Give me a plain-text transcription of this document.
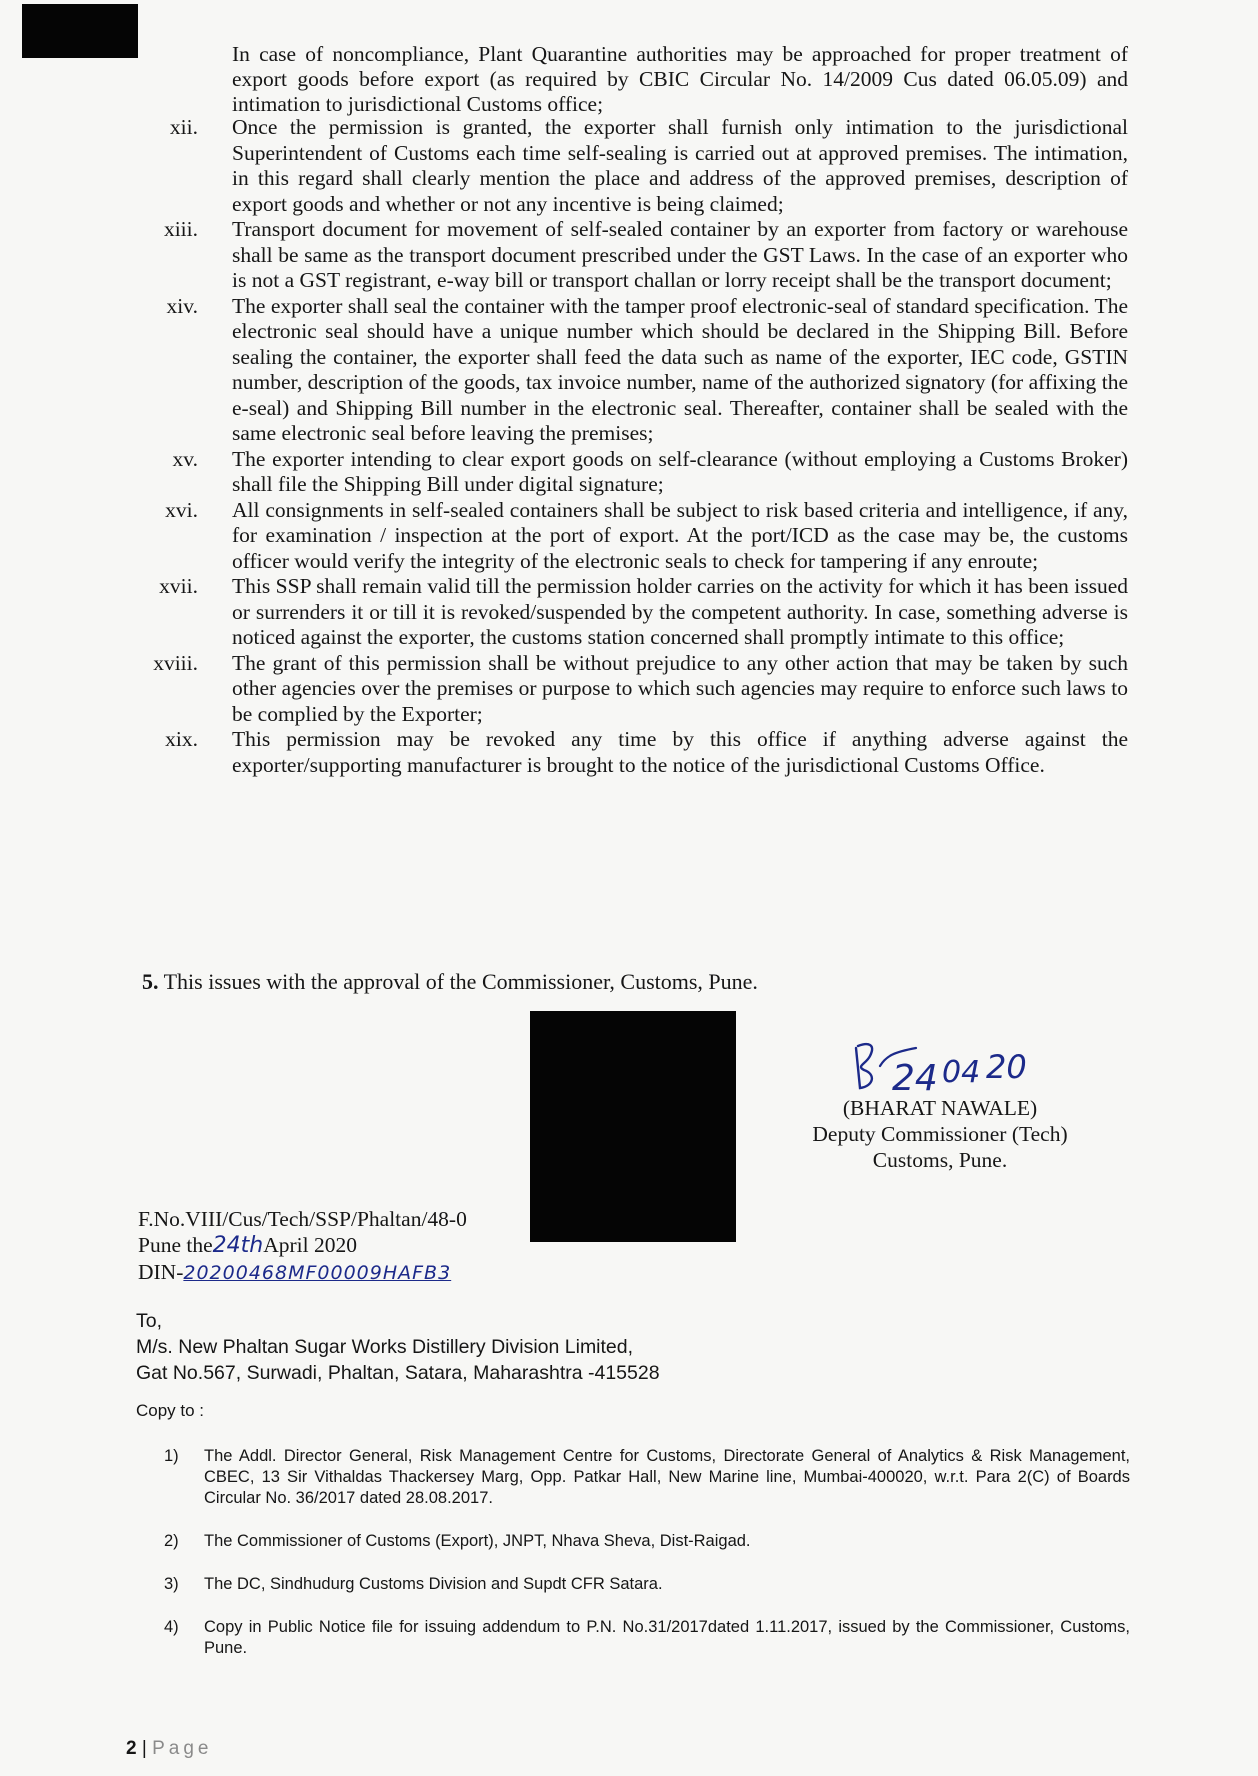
In case of noncompliance, Plant Quarantine authorities may be approached for proper treatment of export goods before export (as required by CBIC Circular No. 14/2009 Cus dated 06.05.09) and intimation to jurisdictional Customs office;
xii.	Once the permission is granted, the exporter shall furnish only intimation to the jurisdictional Superintendent of Customs each time self-sealing is carried out at approved premises. The intimation, in this regard shall clearly mention the place and address of the approved premises, description of export goods and whether or not any incentive is being claimed;
xiii.	Transport document for movement of self-sealed container by an exporter from factory or warehouse shall be same as the transport document prescribed under the GST Laws. In the case of an exporter who is not a GST registrant, e-way bill or transport challan or lorry receipt shall be the transport document;
xiv.	The exporter shall seal the container with the tamper proof electronic-seal of standard specification. The electronic seal should have a unique number which should be declared in the Shipping Bill. Before sealing the container, the exporter shall feed the data such as name of the exporter, IEC code, GSTIN number, description of the goods, tax invoice number, name of the authorized signatory (for affixing the e-seal) and Shipping Bill number in the electronic seal. Thereafter, container shall be sealed with the same electronic seal before leaving the premises;
xv.	The exporter intending to clear export goods on self-clearance (without employing a Customs Broker) shall file the Shipping Bill under digital signature;
xvi.	All consignments in self-sealed containers shall be subject to risk based criteria and intelligence, if any, for examination / inspection at the port of export. At the port/ICD as the case may be, the customs officer would verify the integrity of the electronic seals to check for tampering if any enroute;
xvii.	This SSP shall remain valid till the permission holder carries on the activity for which it has been issued or surrenders it or till it is revoked/suspended by the competent authority. In case, something adverse is noticed against the exporter, the customs station concerned shall promptly intimate to this office;
xviii.	The grant of this permission shall be without prejudice to any other action that may be taken by such other agencies over the premises or purpose to which such agencies may require to enforce such laws to be complied by the Exporter;
xix.	This permission may be revoked any time by this office if anything adverse against the exporter/supporting manufacturer is brought to the notice of the jurisdictional Customs Office.
5. This issues with the approval of the Commissioner, Customs, Pune.
24 04 20
(BHARAT NAWALE)
Deputy Commissioner (Tech)
Customs, Pune.
F.No.VIII/Cus/Tech/SSP/Phaltan/48-0
Pune the24thApril 2020
DIN-20200468MF00009HAFB3
To,
M/s. New Phaltan Sugar Works Distillery Division Limited,
Gat No.567, Surwadi, Phaltan, Satara, Maharashtra -415528
Copy to :
1)	The Addl. Director General, Risk Management Centre for Customs, Directorate General of Analytics & Risk Management, CBEC, 13 Sir Vithaldas Thackersey Marg, Opp. Patkar Hall, New Marine line, Mumbai-400020, w.r.t. Para 2(C) of Boards Circular No. 36/2017 dated 28.08.2017.
2)	The Commissioner of Customs (Export), JNPT, Nhava Sheva, Dist-Raigad.
3)	The DC, Sindhudurg Customs Division and Supdt CFR Satara.
4)	Copy in Public Notice file for issuing addendum to P.N. No.31/2017dated 1.11.2017, issued by the Commissioner, Customs, Pune.
2 | Page
